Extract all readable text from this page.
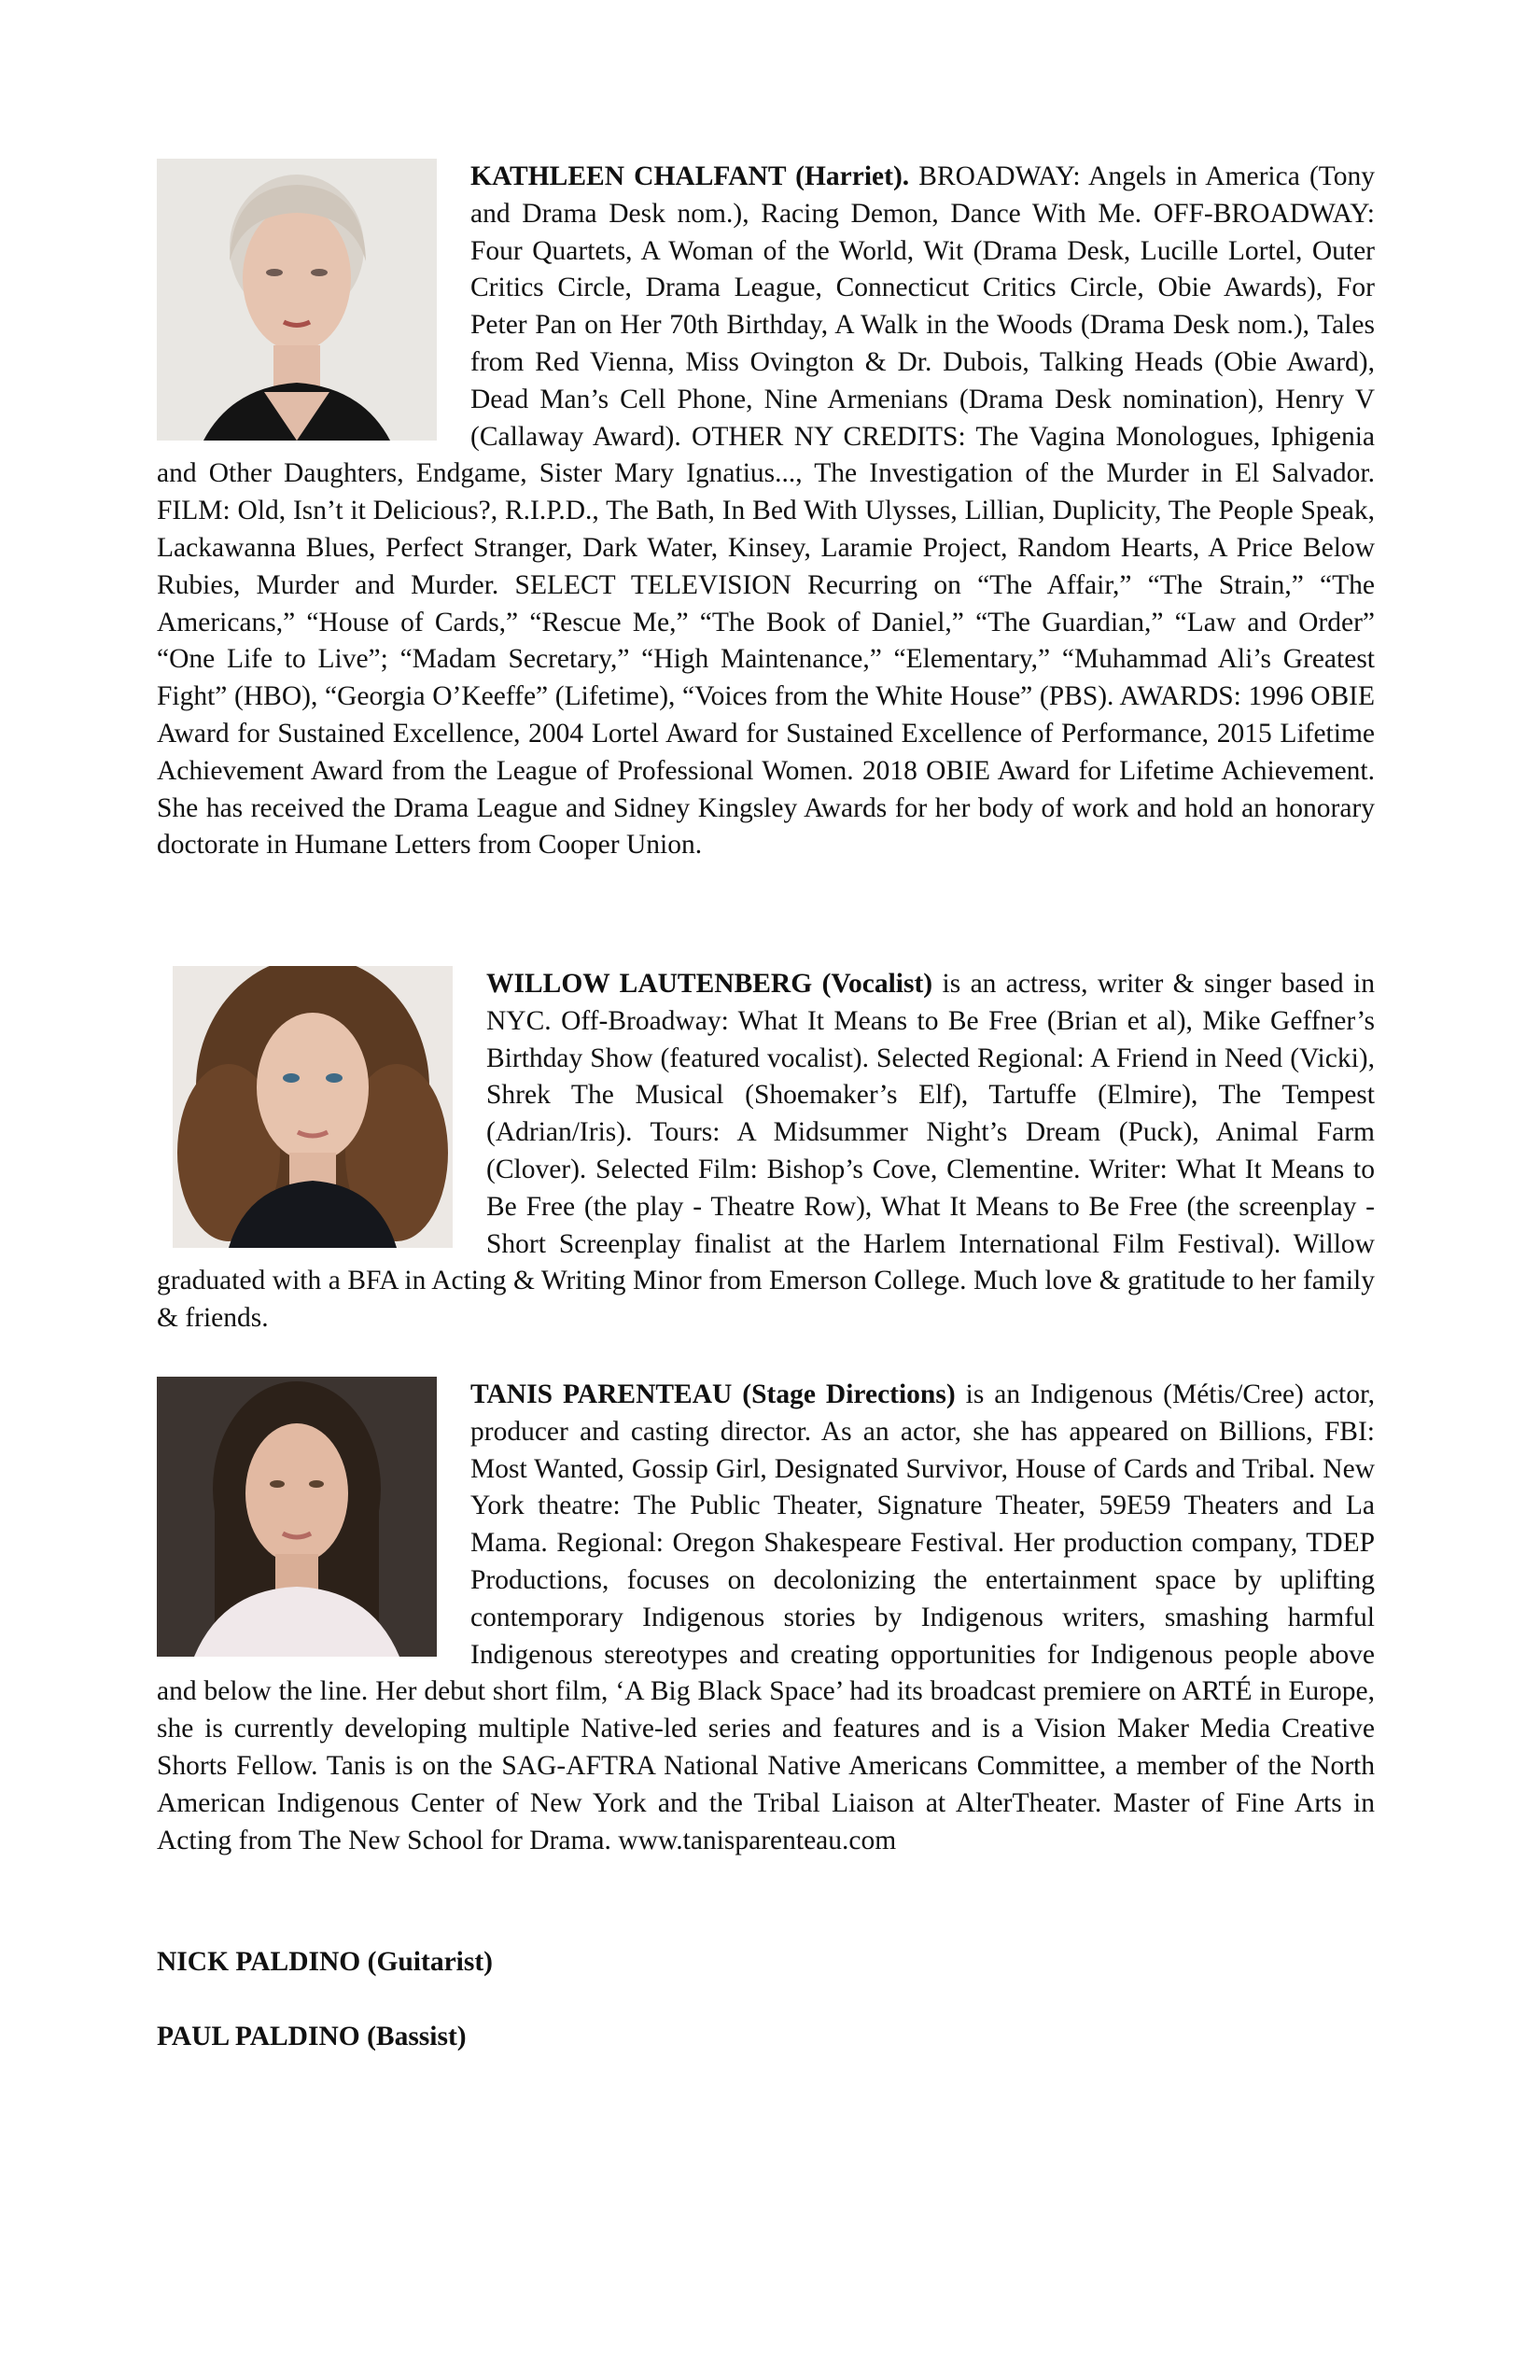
KATHLEEN CHALFANT (Harriet). BROADWAY: Angels in America (Tony and Drama Desk nom.), Racing Demon, Dance With Me. OFF-BROADWAY: Four Quartets, A Woman of the World, Wit (Drama Desk, Lucille Lortel, Outer Critics Circle, Drama League, Connecticut Critics Circle, Obie Awards), For Peter Pan on Her 70th Birthday, A Walk in the Woods (Drama Desk nom.), Tales from Red Vienna, Miss Ovington & Dr. Dubois, Talking Heads (Obie Award), Dead Man’s Cell Phone, Nine Armenians (Drama Desk nomination), Henry V (Callaway Award). OTHER NY CREDITS: The Vagina Monologues, Iphigenia and Other Daughters, Endgame, Sister Mary Ignatius..., The Investigation of the Murder in El Salvador. FILM: Old, Isn’t it Delicious?, R.I.P.D., The Bath, In Bed With Ulysses, Lillian, Duplicity, The People Speak, Lackawanna Blues, Perfect Stranger, Dark Water, Kinsey, Laramie Project, Random Hearts, A Price Below Rubies, Murder and Murder. SELECT TELEVISION Recurring on “The Affair,” “The Strain,” “The Americans,” “House of Cards,” “Rescue Me,” “The Book of Daniel,” “The Guardian,” “Law and Order” “One Life to Live”; “Madam Secretary,” “High Maintenance,” “Elementary,” “Muhammad Ali’s Greatest Fight” (HBO), “Georgia O’Keeffe” (Lifetime), “Voices from the White House” (PBS). AWARDS: 1996 OBIE Award for Sustained Excellence, 2004 Lortel Award for Sustained Excellence of Performance, 2015 Lifetime Achievement Award from the League of Professional Women. 2018 OBIE Award for Lifetime Achievement. She has received the Drama League and Sidney Kingsley Awards for her body of work and hold an honorary doctorate in Humane Letters from Cooper Union.

WILLOW LAUTENBERG (Vocalist) is an actress, writer & singer based in NYC. Off-Broadway: What It Means to Be Free (Brian et al), Mike Geffner’s Birthday Show (featured vocalist). Selected Regional: A Friend in Need (Vicki), Shrek The Musical (Shoemaker’s Elf), Tartuffe (Elmire), The Tempest (Adrian/Iris). Tours: A Midsummer Night’s Dream (Puck), Animal Farm (Clover). Selected Film: Bishop’s Cove, Clementine. Writer: What It Means to Be Free (the play - Theatre Row), What It Means to Be Free (the screenplay - Short Screenplay finalist at the Harlem International Film Festival). Willow graduated with a BFA in Acting & Writing Minor from Emerson College. Much love & gratitude to her family & friends.

TANIS PARENTEAU (Stage Directions) is an Indigenous (Métis/Cree) actor, producer and casting director. As an actor, she has appeared on Billions, FBI: Most Wanted, Gossip Girl, Designated Survivor, House of Cards and Tribal. New York theatre: The Public Theater, Signature Theater, 59E59 Theaters and La Mama. Regional: Oregon Shakespeare Festival. Her production company, TDEP Productions, focuses on decolonizing the entertainment space by uplifting contemporary Indigenous stories by Indigenous writers, smashing harmful Indigenous stereotypes and creating opportunities for Indigenous people above and below the line. Her debut short film, ‘A Big Black Space’ had its broadcast premiere on ARTÉ in Europe, she is currently developing multiple Native-led series and features and is a Vision Maker Media Creative Shorts Fellow. Tanis is on the SAG-AFTRA National Native Americans Committee, a member of the North American Indigenous Center of New York and the Tribal Liaison at AlterTheater. Master of Fine Arts in Acting from The New School for Drama. www.tanisparenteau.com

NICK PALDINO (Guitarist)

PAUL PALDINO (Bassist)
